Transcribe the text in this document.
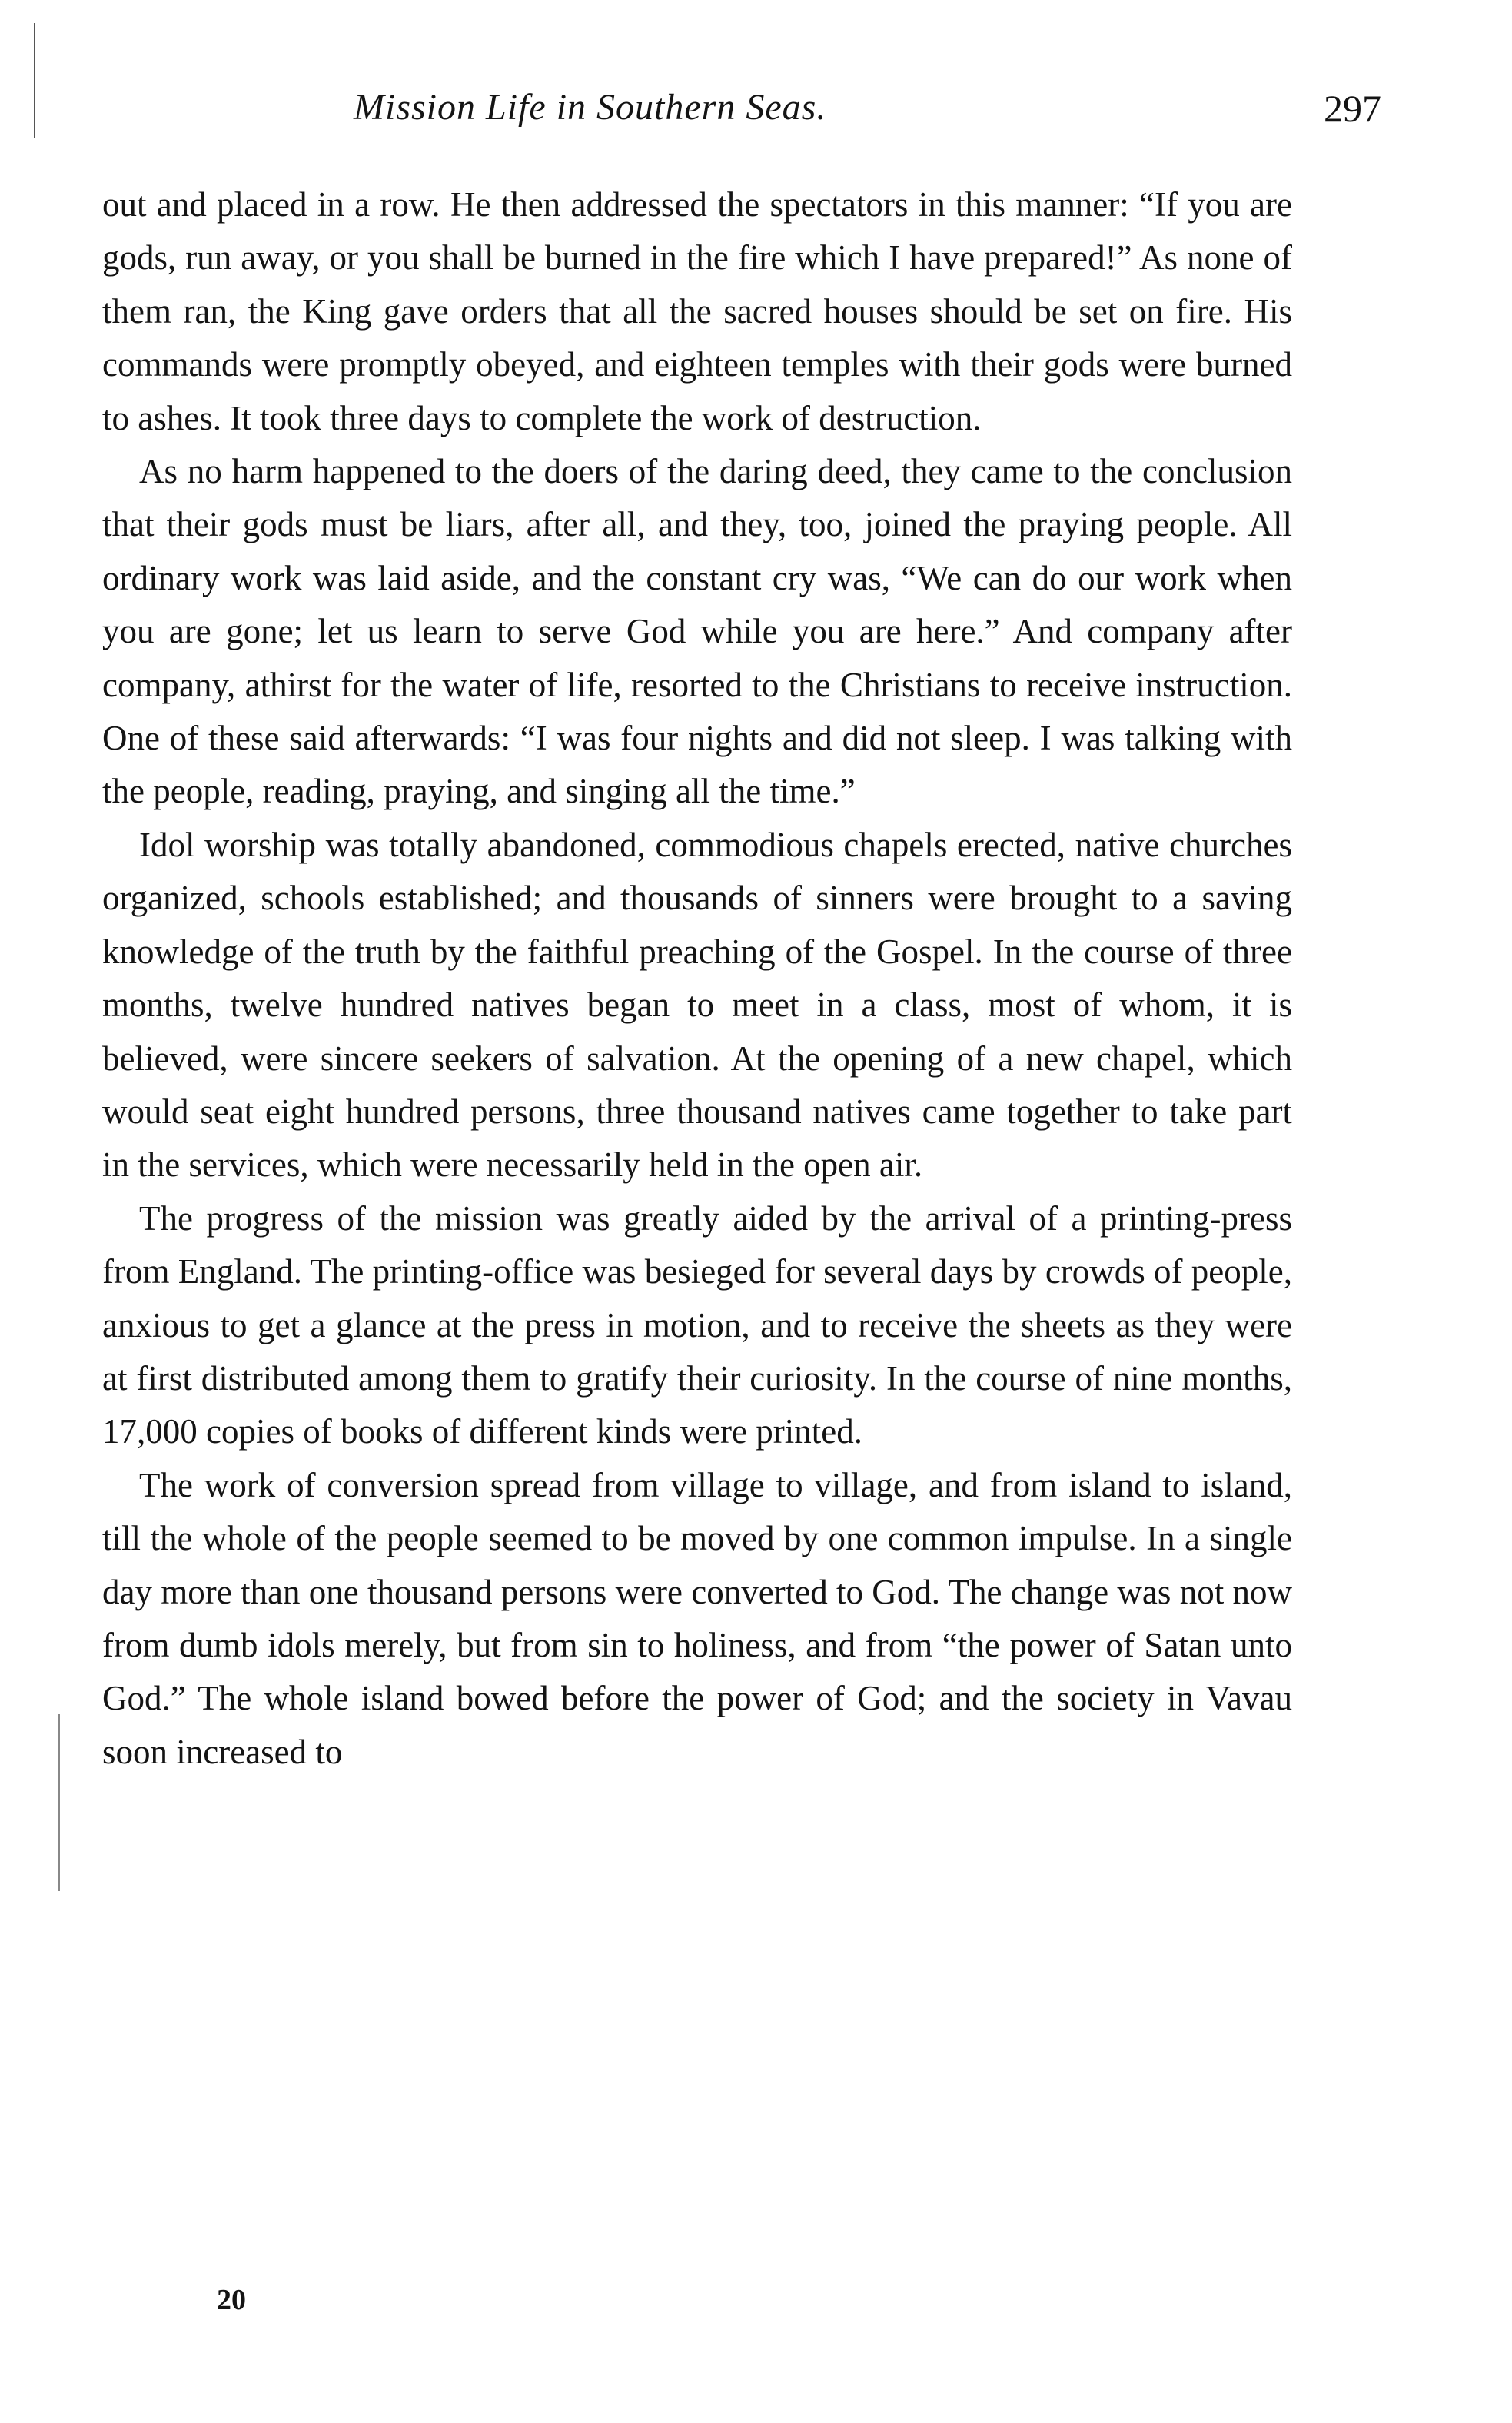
Mission Life in Southern Seas.	297

out and placed in a row. He then addressed the spectators in this manner: “If you are gods, run away, or you shall be burned in the fire which I have prepared!” As none of them ran, the King gave orders that all the sacred houses should be set on fire. His commands were promptly obeyed, and eighteen temples with their gods were burned to ashes. It took three days to complete the work of destruction.

As no harm happened to the doers of the daring deed, they came to the conclusion that their gods must be liars, after all, and they, too, joined the praying people. All ordinary work was laid aside, and the constant cry was, “We can do our work when you are gone; let us learn to serve God while you are here.” And company after company, athirst for the water of life, resorted to the Christians to receive instruction. One of these said afterwards: “I was four nights and did not sleep. I was talking with the people, reading, praying, and singing all the time.”

Idol worship was totally abandoned, commodious chapels erected, native churches organized, schools established; and thousands of sinners were brought to a saving knowledge of the truth by the faithful preaching of the Gospel. In the course of three months, twelve hundred natives began to meet in a class, most of whom, it is believed, were sincere seekers of salvation. At the opening of a new chapel, which would seat eight hundred persons, three thousand natives came together to take part in the services, which were necessarily held in the open air.

The progress of the mission was greatly aided by the arrival of a printing-press from England. The printing-office was besieged for several days by crowds of people, anxious to get a glance at the press in motion, and to receive the sheets as they were at first distributed among them to gratify their curiosity. In the course of nine months, 17,000 copies of books of different kinds were printed.

The work of conversion spread from village to village, and from island to island, till the whole of the people seemed to be moved by one common impulse. In a single day more than one thousand persons were converted to God. The change was not now from dumb idols merely, but from sin to holiness, and from “the power of Satan unto God.” The whole island bowed before the power of God; and the society in Vavau soon increased to

20
